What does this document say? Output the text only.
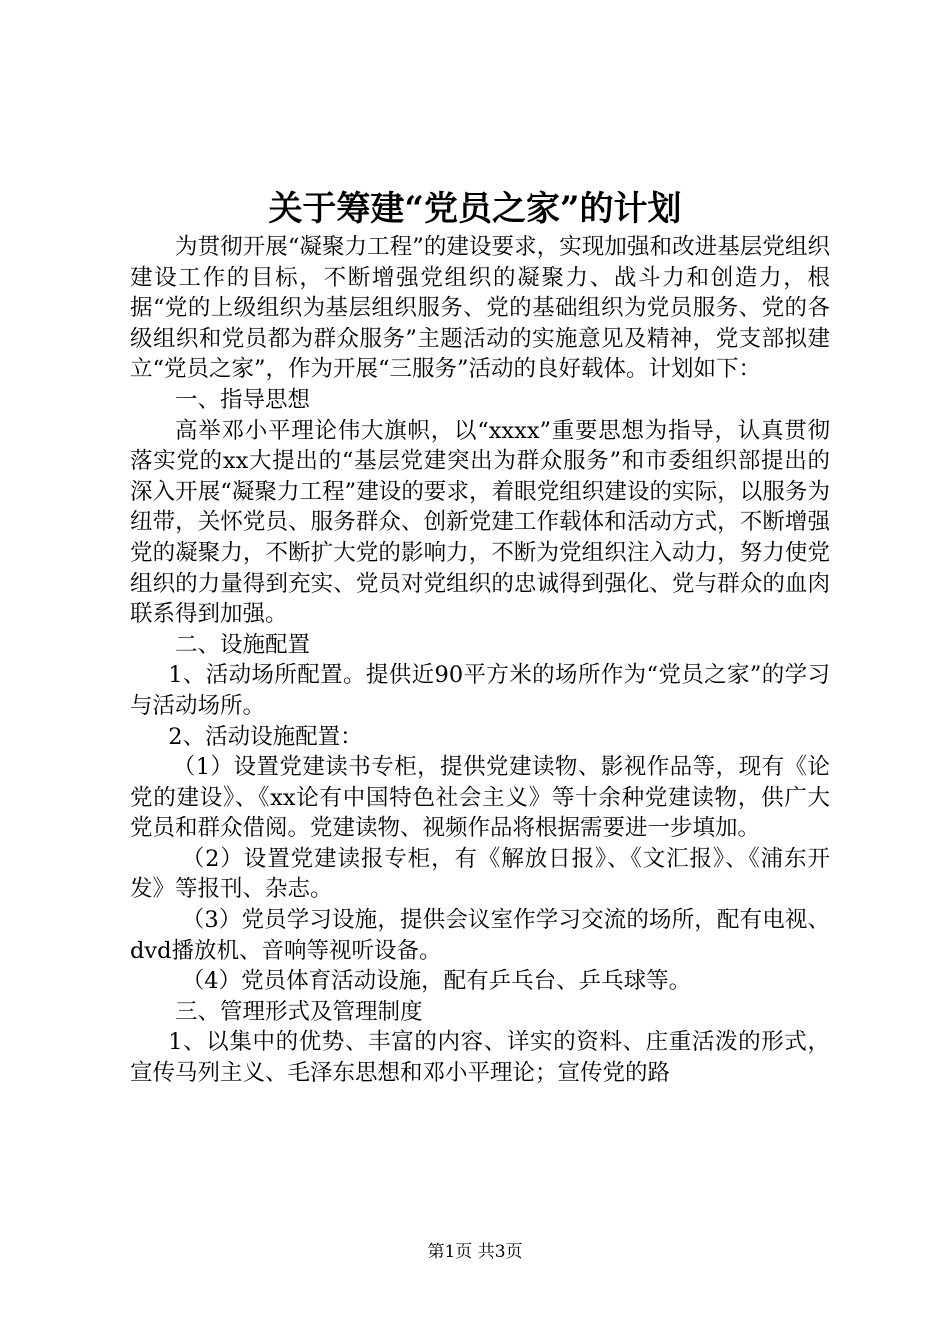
关于筹建“党员之家”的计划

为贯彻开展“凝聚力工程”的建设要求，实现加强和改进基层党组织建设工作的目标，不断增强党组织的凝聚力、战斗力和创造力，根据“党的上级组织为基层组织服务、党的基础组织为党员服务、党的各级组织和党员都为群众服务”主题活动的实施意见及精神，党支部拟建立“党员之家”，作为开展“三服务”活动的良好载体。计划如下：

一、指导思想

高举邓小平理论伟大旗帜，以“xxxx”重要思想为指导，认真贯彻落实党的xx大提出的“基层党建突出为群众服务”和市委组织部提出的深入开展“凝聚力工程”建设的要求，着眼党组织建设的实际，以服务为纽带，关怀党员、服务群众、创新党建工作载体和活动方式，不断增强党的凝聚力，不断扩大党的影响力，不断为党组织注入动力，努力使党组织的力量得到充实、党员对党组织的忠诚得到强化、党与群众的血肉联系得到加强。

二、设施配置

1、活动场所配置。提供近90平方米的场所作为“党员之家”的学习与活动场所。

2、活动设施配置：

（1）设置党建读书专柜，提供党建读物、影视作品等，现有《论党的建设》、《xx论有中国特色社会主义》等十余种党建读物，供广大党员和群众借阅。党建读物、视频作品将根据需要进一步填加。

（2）设置党建读报专柜，有《解放日报》、《文汇报》、《浦东开发》等报刊、杂志。

（3）党员学习设施，提供会议室作学习交流的场所，配有电视、dvd播放机、音响等视听设备。

（4）党员体育活动设施，配有乒乓台、乒乓球等。

三、管理形式及管理制度

1、以集中的优势、丰富的内容、详实的资料、庄重活泼的形式，宣传马列主义、毛泽东思想和邓小平理论；宣传党的路

第1页 共3页
